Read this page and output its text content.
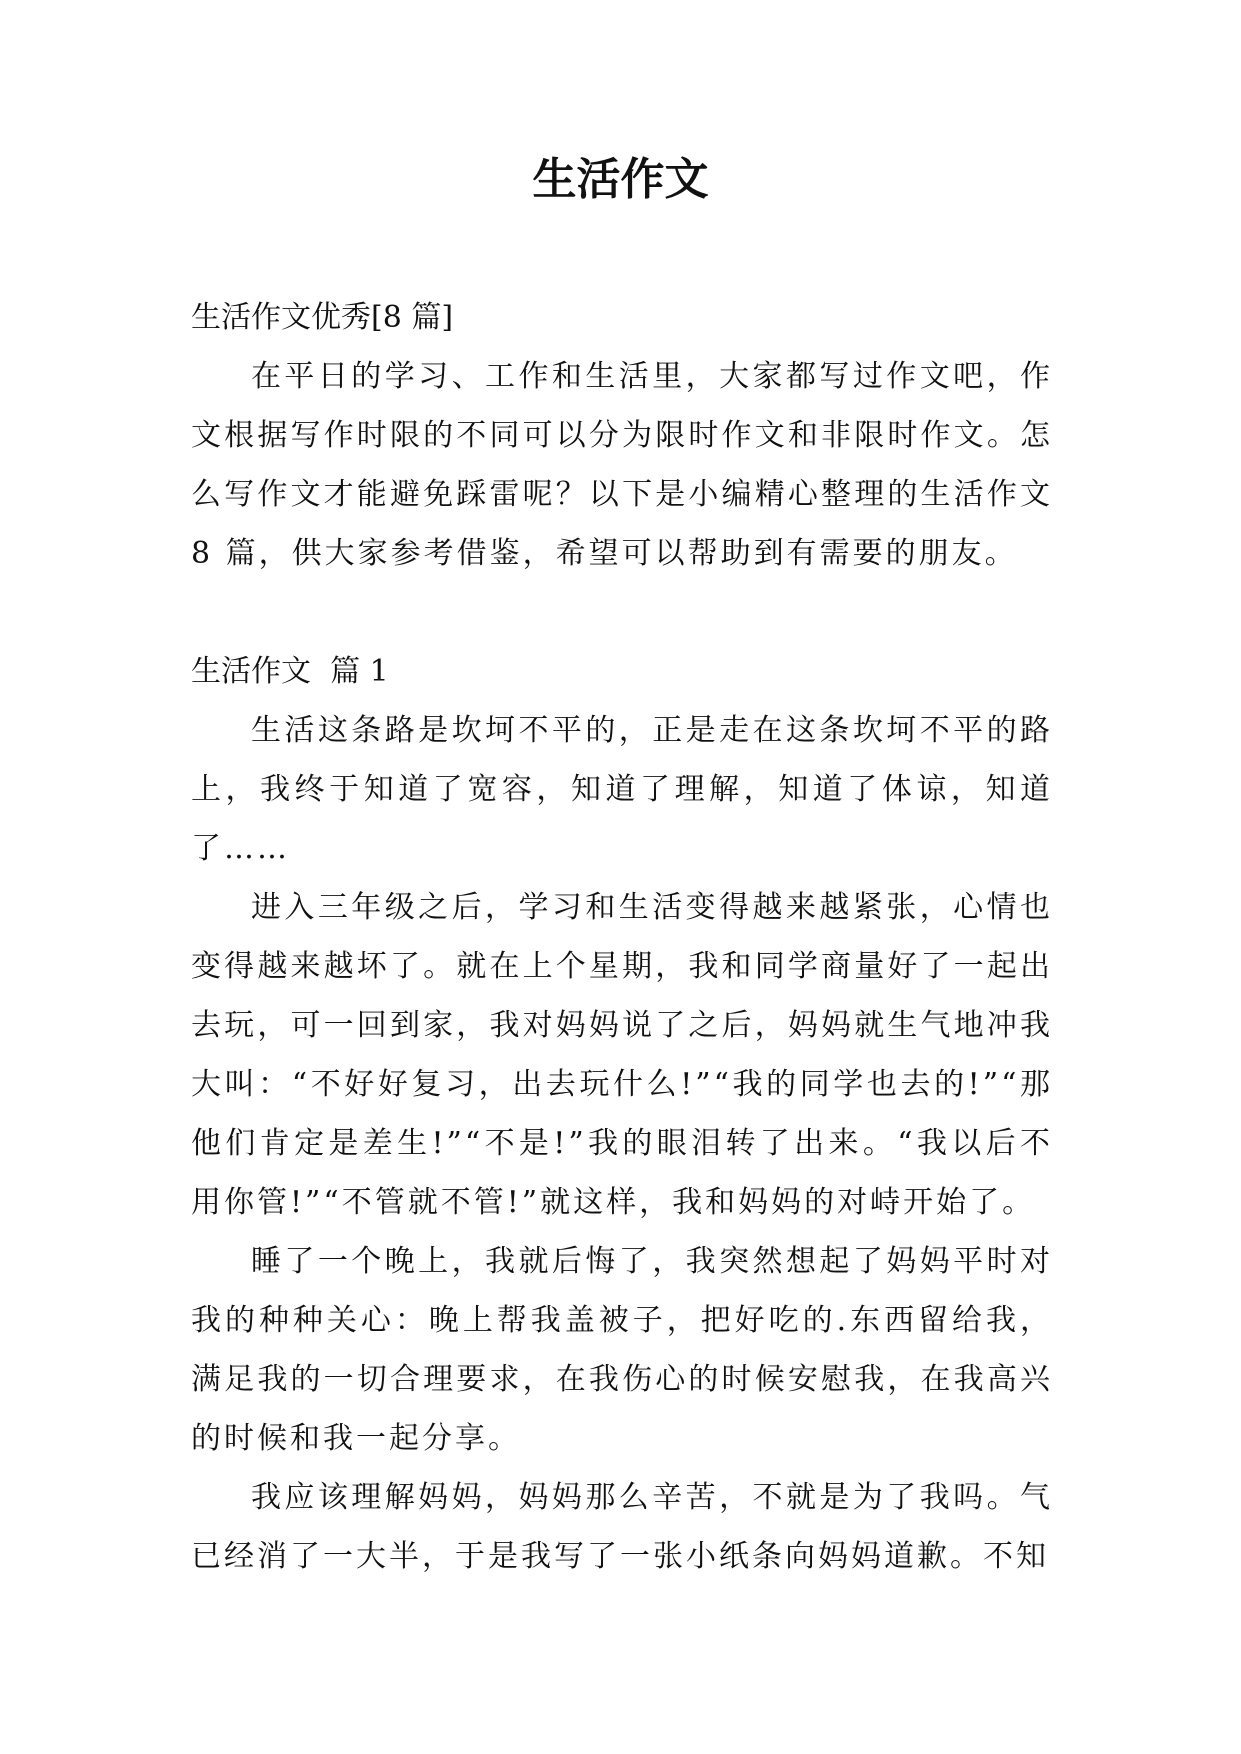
生活作文

生活作文优秀[8 篇]

在平日的学习、工作和生活里，大家都写过作文吧，作文根据写作时限的不同可以分为限时作文和非限时作文。怎么写作文才能避免踩雷呢？以下是小编精心整理的生活作文 8 篇，供大家参考借鉴，希望可以帮助到有需要的朋友。

生活作文  篇 1

生活这条路是坎坷不平的，正是走在这条坎坷不平的路上，我终于知道了宽容，知道了理解，知道了体谅，知道了……

进入三年级之后，学习和生活变得越来越紧张，心情也变得越来越坏了。就在上个星期，我和同学商量好了一起出去玩，可一回到家，我对妈妈说了之后，妈妈就生气地冲我大叫：“不好好复习，出去玩什么!”“我的同学也去的!”“那他们肯定是差生!”“不是!”我的眼泪转了出来。“我以后不用你管!”“不管就不管!”就这样，我和妈妈的对峙开始了。

睡了一个晚上，我就后悔了，我突然想起了妈妈平时对我的种种关心：晚上帮我盖被子，把好吃的.东西留给我，满足我的一切合理要求，在我伤心的时候安慰我，在我高兴的时候和我一起分享。

我应该理解妈妈，妈妈那么辛苦，不就是为了我吗。气已经消了一大半，于是我写了一张小纸条向妈妈道歉。不知
